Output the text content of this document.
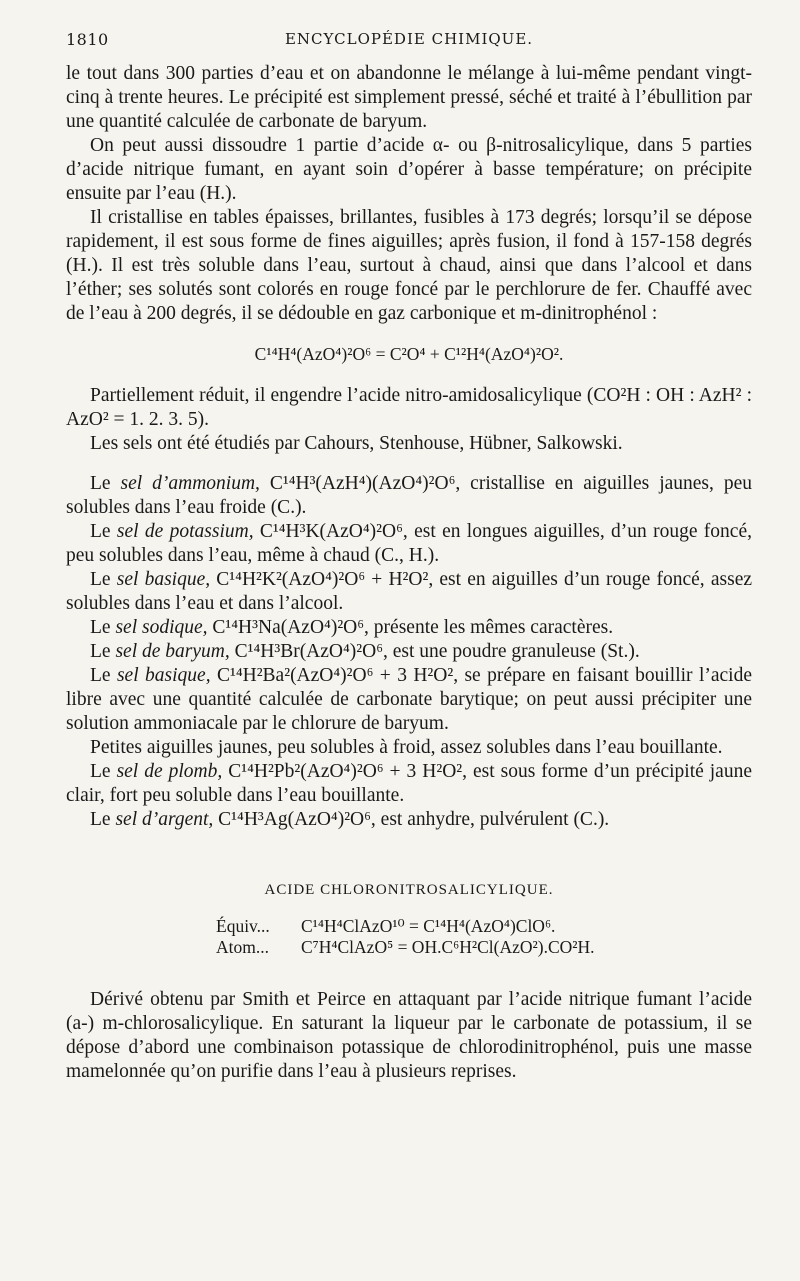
1810	ENCYCLOPÉDIE CHIMIQUE.

le tout dans 300 parties d’eau et on abandonne le mélange à lui-même pendant vingt-cinq à trente heures. Le précipité est simplement pressé, séché et traité à l’ébullition par une quantité calculée de carbonate de baryum.

On peut aussi dissoudre 1 partie d’acide α- ou β-nitrosalicylique, dans 5 parties d’acide nitrique fumant, en ayant soin d’opérer à basse température; on précipite ensuite par l’eau (H.).

Il cristallise en tables épaisses, brillantes, fusibles à 173 degrés; lorsqu’il se dépose rapidement, il est sous forme de fines aiguilles; après fusion, il fond à 157-158 degrés (H.). Il est très soluble dans l’eau, surtout à chaud, ainsi que dans l’alcool et dans l’éther; ses solutés sont colorés en rouge foncé par le perchlorure de fer. Chauffé avec de l’eau à 200 degrés, il se dédouble en gaz carbonique et m-dinitrophénol :

C¹⁴H⁴(AzO⁴)²O⁶ = C²O⁴ + C¹²H⁴(AzO⁴)²O².

Partiellement réduit, il engendre l’acide nitro-amidosalicylique (CO²H : OH : AzH² : AzO² = 1. 2. 3. 5).

Les sels ont été étudiés par Cahours, Stenhouse, Hübner, Salkowski.

Le sel d’ammonium, C¹⁴H³(AzH⁴)(AzO⁴)²O⁶, cristallise en aiguilles jaunes, peu solubles dans l’eau froide (C.).

Le sel de potassium, C¹⁴H³K(AzO⁴)²O⁶, est en longues aiguilles, d’un rouge foncé, peu solubles dans l’eau, même à chaud (C., H.).

Le sel basique, C¹⁴H²K²(AzO⁴)²O⁶ + H²O², est en aiguilles d’un rouge foncé, assez solubles dans l’eau et dans l’alcool.

Le sel sodique, C¹⁴H³Na(AzO⁴)²O⁶, présente les mêmes caractères.

Le sel de baryum, C¹⁴H³Br(AzO⁴)²O⁶, est une poudre granuleuse (St.).

Le sel basique, C¹⁴H²Ba²(AzO⁴)²O⁶ + 3 H²O², se prépare en faisant bouillir l’acide libre avec une quantité calculée de carbonate barytique; on peut aussi précipiter une solution ammoniacale par le chlorure de baryum.

Petites aiguilles jaunes, peu solubles à froid, assez solubles dans l’eau bouillante.

Le sel de plomb, C¹⁴H²Pb²(AzO⁴)²O⁶ + 3 H²O², est sous forme d’un précipité jaune clair, fort peu soluble dans l’eau bouillante.

Le sel d’argent, C¹⁴H³Ag(AzO⁴)²O⁶, est anhydre, pulvérulent (C.).

ACIDE CHLORONITROSALICYLIQUE.
Équiv... C¹⁴H⁴ClAzO¹⁰ = C¹⁴H⁴(AzO⁴)ClO⁶.
Atom... C⁷H⁴ClAzO⁵ = OH.C⁶H²Cl(AzO²).CO²H.

Dérivé obtenu par Smith et Peirce en attaquant par l’acide nitrique fumant l’acide (a-) m-chlorosalicylique. En saturant la liqueur par le carbonate de potassium, il se dépose d’abord une combinaison potassique de chlorodinitrophénol, puis une masse mamelonnée qu’on purifie dans l’eau à plusieurs reprises.
